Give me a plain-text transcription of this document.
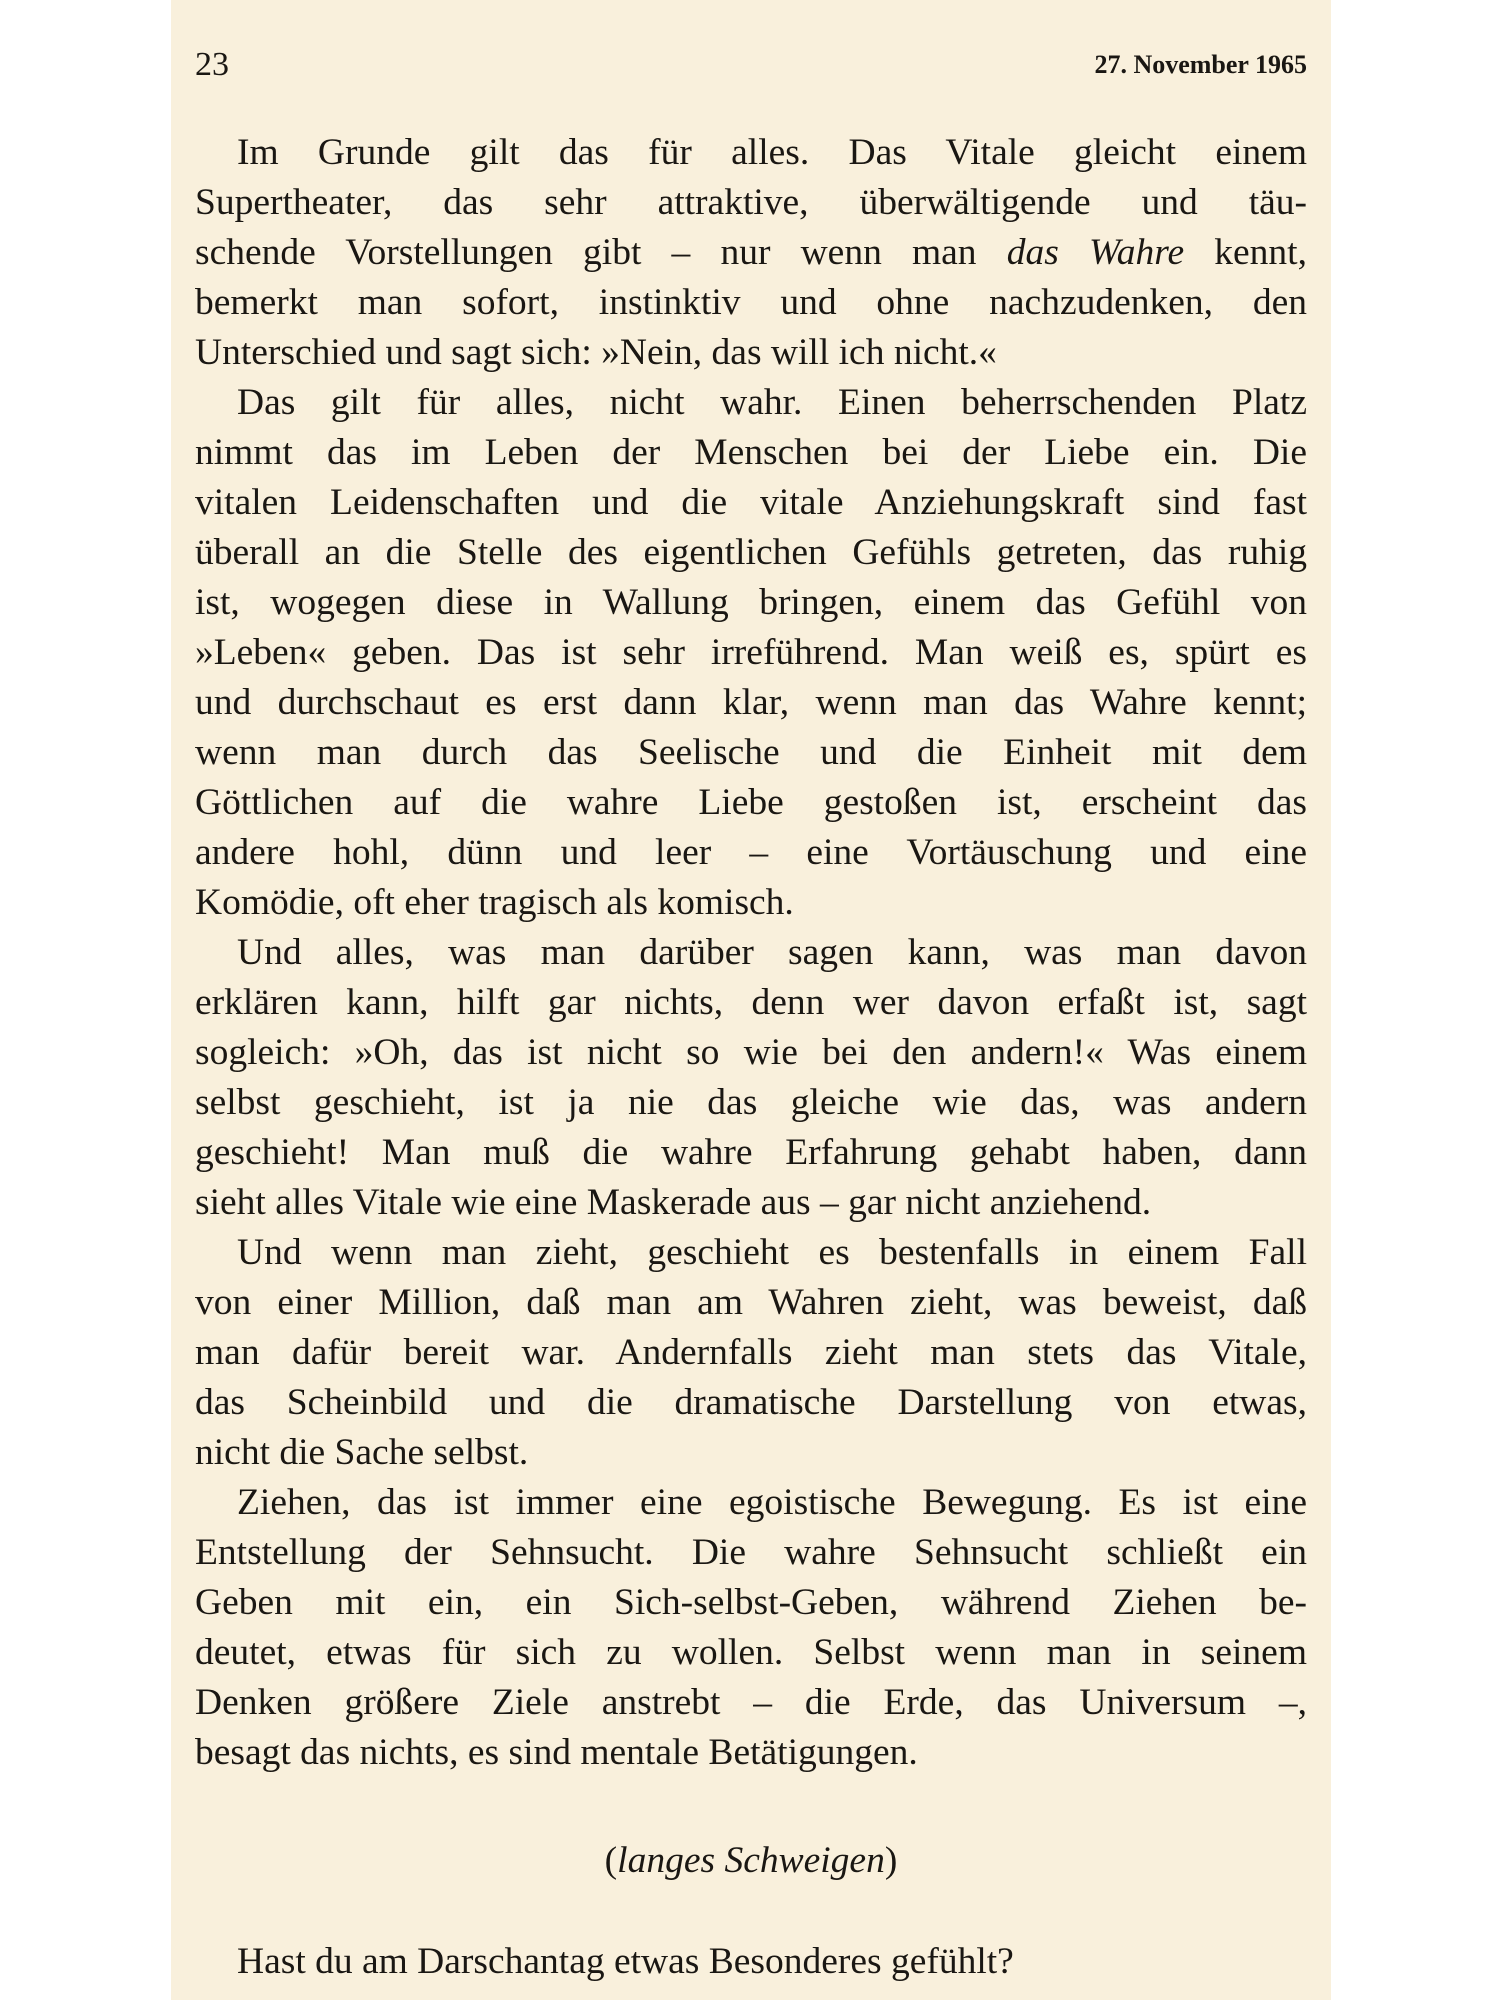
23	27. November 1965
Im Grunde gilt das für alles. Das Vitale gleicht einem
Supertheater, das sehr attraktive, überwältigende und täu-
schende Vorstellungen gibt – nur wenn man das Wahre kennt,
bemerkt man sofort, instinktiv und ohne nachzudenken, den
Unterschied und sagt sich: »Nein, das will ich nicht.«
Das gilt für alles, nicht wahr. Einen beherrschenden Platz
nimmt das im Leben der Menschen bei der Liebe ein. Die
vitalen Leidenschaften und die vitale Anziehungskraft sind fast
überall an die Stelle des eigentlichen Gefühls getreten, das ruhig
ist, wogegen diese in Wallung bringen, einem das Gefühl von
»Leben« geben. Das ist sehr irreführend. Man weiß es, spürt es
und durchschaut es erst dann klar, wenn man das Wahre kennt;
wenn man durch das Seelische und die Einheit mit dem
Göttlichen auf die wahre Liebe gestoßen ist, erscheint das
andere hohl, dünn und leer – eine Vortäuschung und eine
Komödie, oft eher tragisch als komisch.
Und alles, was man darüber sagen kann, was man davon
erklären kann, hilft gar nichts, denn wer davon erfaßt ist, sagt
sogleich: »Oh, das ist nicht so wie bei den andern!« Was einem
selbst geschieht, ist ja nie das gleiche wie das, was andern
geschieht! Man muß die wahre Erfahrung gehabt haben, dann
sieht alles Vitale wie eine Maskerade aus – gar nicht anziehend.
Und wenn man zieht, geschieht es bestenfalls in einem Fall
von einer Million, daß man am Wahren zieht, was beweist, daß
man dafür bereit war. Andernfalls zieht man stets das Vitale,
das Scheinbild und die dramatische Darstellung von etwas,
nicht die Sache selbst.
Ziehen, das ist immer eine egoistische Bewegung. Es ist eine
Entstellung der Sehnsucht. Die wahre Sehnsucht schließt ein
Geben mit ein, ein Sich-selbst-Geben, während Ziehen be-
deutet, etwas für sich zu wollen. Selbst wenn man in seinem
Denken größere Ziele anstrebt – die Erde, das Universum –,
besagt das nichts, es sind mentale Betätigungen.
(langes Schweigen)
Hast du am Darschantag etwas Besonderes gefühlt?
